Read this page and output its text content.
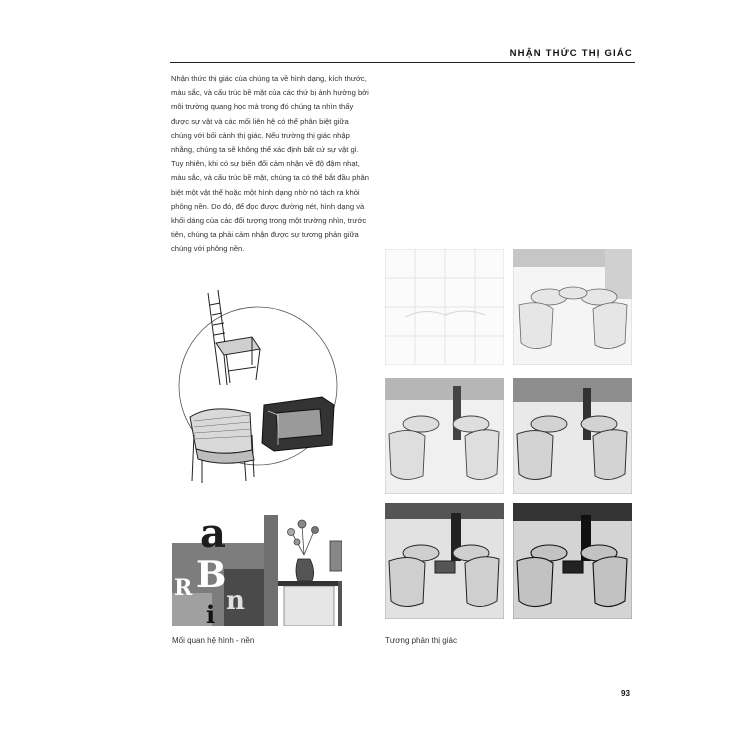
NHẬN THỨC THỊ GIÁC

Nhận thức thị giác của chúng ta về hình dạng, kích thước, màu sắc, và cấu trúc bề mặt của các thứ bị ảnh hưởng bởi môi trường quang học mà trong đó chúng ta nhìn thấy được sự vật và các mối liên hệ có thể phân biệt giữa chúng với bối cảnh thị giác. Nếu trường thị giác nhập nhằng, chúng ta sẽ không thể xác định bất cứ sự vật gì. Tuy nhiên, khi có sự biến đổi cảm nhận về độ đậm nhạt, màu sắc, và cấu trúc bề mặt, chúng ta có thể bắt đầu phân biệt một vật thể hoặc một hình dạng nhờ nó tách ra khỏi phông nền. Do đó, để đọc được đường nét, hình dạng và khối dáng của các đối tượng trong một trường nhìn, trước tiên, chúng ta phải cảm nhận được sự tương phản giữa chúng với phông nền.

a
B
R n
i
Mối quan hệ hình - nền	Tương phản thị giác
93
